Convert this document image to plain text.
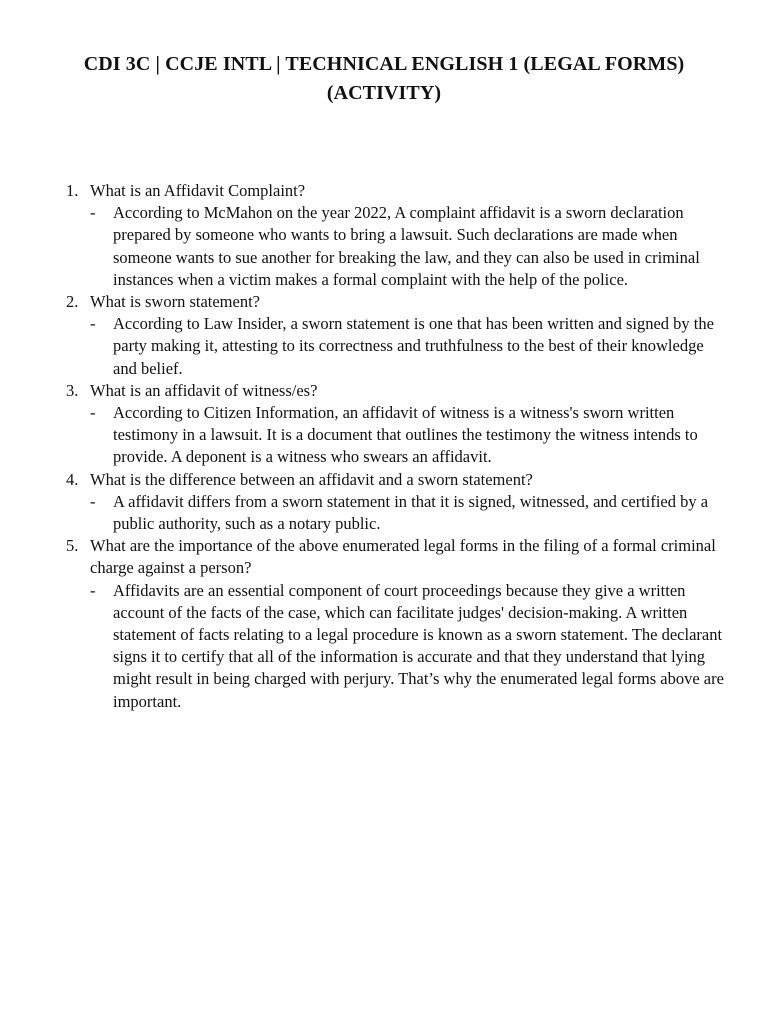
CDI 3C | CCJE INTL | TECHNICAL ENGLISH 1 (LEGAL FORMS)
(ACTIVITY)
1. What is an Affidavit Complaint?
- According to McMahon on the year 2022, A complaint affidavit is a sworn declaration prepared by someone who wants to bring a lawsuit. Such declarations are made when someone wants to sue another for breaking the law, and they can also be used in criminal instances when a victim makes a formal complaint with the help of the police.
2. What is sworn statement?
- According to Law Insider, a sworn statement is one that has been written and signed by the party making it, attesting to its correctness and truthfulness to the best of their knowledge and belief.
3. What is an affidavit of witness/es?
- According to Citizen Information, an affidavit of witness is a witness's sworn written testimony in a lawsuit. It is a document that outlines the testimony the witness intends to provide. A deponent is a witness who swears an affidavit.
4. What is the difference between an affidavit and a sworn statement?
- A affidavit differs from a sworn statement in that it is signed, witnessed, and certified by a public authority, such as a notary public.
5. What are the importance of the above enumerated legal forms in the filing of a formal criminal charge against a person?
- Affidavits are an essential component of court proceedings because they give a written account of the facts of the case, which can facilitate judges' decision-making. A written statement of facts relating to a legal procedure is known as a sworn statement. The declarant signs it to certify that all of the information is accurate and that they understand that lying might result in being charged with perjury. That’s why the enumerated legal forms above are important.
